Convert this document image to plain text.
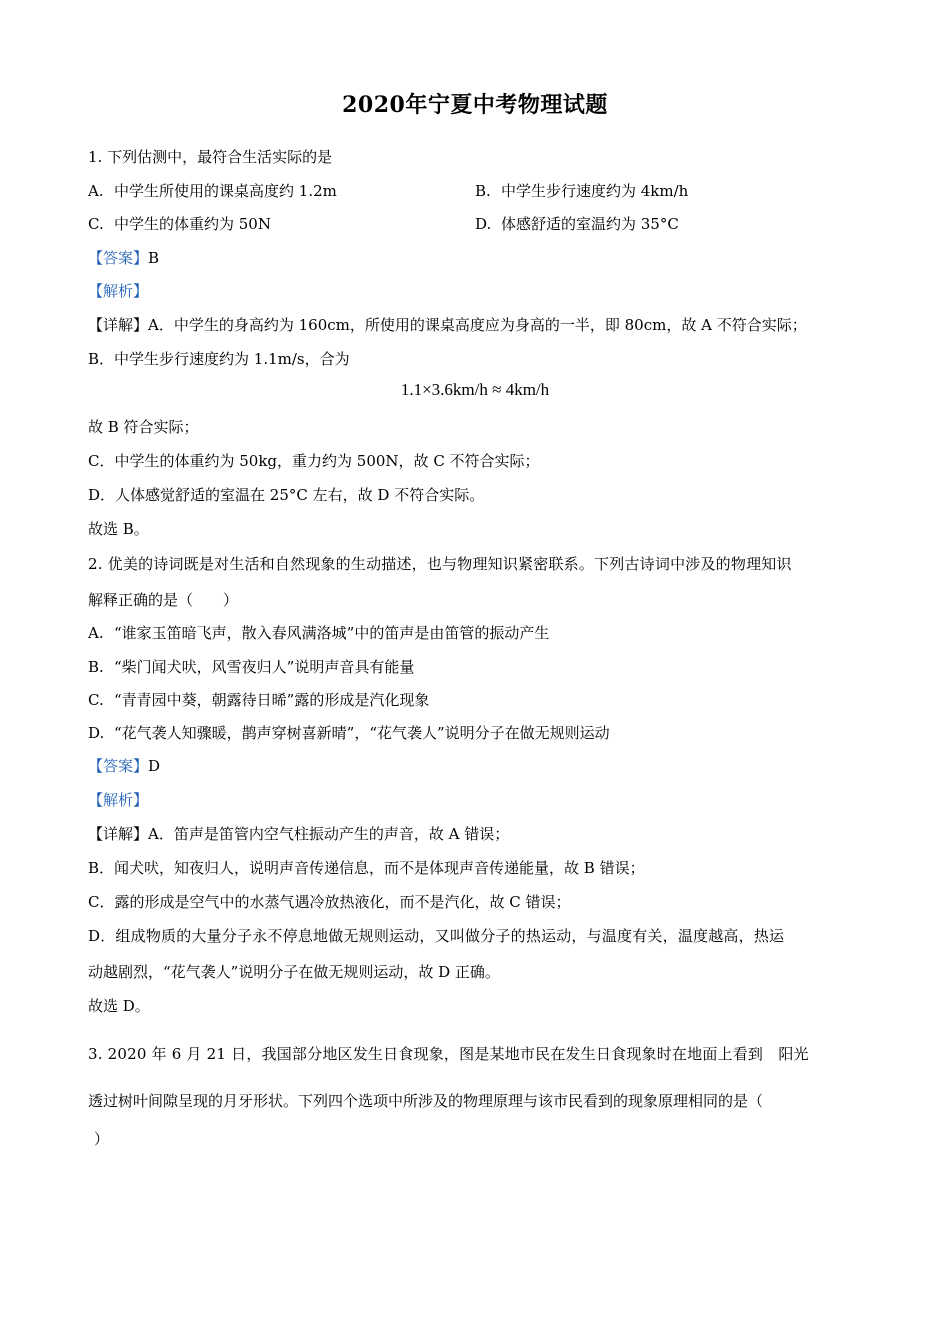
2020年宁夏中考物理试题
1. 下列估测中，最符合生活实际的是
A. 中学生所使用的课桌高度约 1.2m	B. 中学生步行速度约为 4km/h
C. 中学生的体重约为 50N	D. 体感舒适的室温约为 35°C
【答案】B
【解析】
【详解】A．中学生的身高约为 160cm，所使用的课桌高度应为身高的一半，即 80cm，故 A 不符合实际；
B．中学生步行速度约为 1.1m/s，合为
1.1×3.6km/h ≈ 4km/h
故 B 符合实际；
C．中学生的体重约为 50kg，重力约为 500N，故 C 不符合实际；
D．人体感觉舒适的室温在 25°C 左右，故 D 不符合实际。
故选 B。
2. 优美的诗词既是对生活和自然现象的生动描述，也与物理知识紧密联系。下列古诗词中涉及的物理知识
解释正确的是（　　）
A. “谁家玉笛暗飞声，散入春风满洛城”中的笛声是由笛管的振动产生
B. “柴门闻犬吠，风雪夜归人”说明声音具有能量
C. “青青园中葵，朝露待日晞”露的形成是汽化现象
D. “花气袭人知骤暖，鹊声穿树喜新晴”，“花气袭人”说明分子在做无规则运动
【答案】D
【解析】
【详解】A．笛声是笛管内空气柱振动产生的声音，故 A 错误；
B．闻犬吠，知夜归人，说明声音传递信息，而不是体现声音传递能量，故 B 错误；
C．露的形成是空气中的水蒸气遇冷放热液化，而不是汽化，故 C 错误；
D．组成物质的大量分子永不停息地做无规则运动，又叫做分子的热运动，与温度有关，温度越高，热运
动越剧烈，“花气袭人”说明分子在做无规则运动，故 D 正确。
故选 D。
3. 2020 年 6 月 21 日，我国部分地区发生日食现象，图是某地市民在发生日食现象时在地面上看到　阳光
透过树叶间隙呈现的月牙形状。下列四个选项中所涉及的物理原理与该市民看到的现象原理相同的是（
）
